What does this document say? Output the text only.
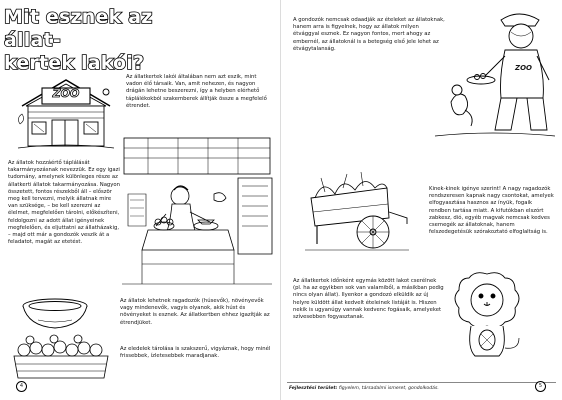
Mit esznek az állat-
kertek lakói?
ZOO
Az állatkertek lakói általában nem azt eszik, mint vadon élő társaik. Van, amit nehezen, és nagyon drágán lehetne beszerezni, így a helyben elérhető táplálékokból szakemberek állítják össze a megfelelő étrendet.
Az állatok hozzáértő táplálását takarmányozásnak nevezzük. Ez egy igazi tudomány, amelynek különleges része az állatkerti állatok takarmányozása. Nagyon összetett, fontos részekből áll – először meg kell tervezni, melyik állatnak mire van szüksége, – be kell szerezni az élelmet, megfelelően tárolni, előkészíteni, feldolgozni az adott állat igényeinek megfelelően, és eljuttatni az állatházakig, – majd ott már a gondozók veszik át a feladatot, magát az etetést.
Az állatok lehetnek ragadozók (húsevők), növényevők vagy mindenevők, vagyis olyanok, akik húst és növényeket is esznek. Az állatkertben ehhez igazítják az étrendjüket.
Az eledelek tárolása is szakszerű, vigyáznak, hogy minél frissebbek, ízletesebbek maradjanak.
4
A gondozók nemcsak odaadják az ételeket az állatoknak, hanem arra is figyelnek, hogy az állatok milyen étvággyal esznek. Ez nagyon fontos, mert ahogy az embernél, az állatoknál is a betegség első jele lehet az étvágytalanság.
ZOO
Kinek-kinek igénye szerint! A nagy ragadozók rendszeresen kapnak nagy csontokat, amelyek elfogyasztása hasznos az ínyük, fogaik rendben tartása miatt. A kifutókban elszórt zabkesz, dió, egyéb magvak nemcsak kedves csemegék az állatoknak, hanem felszedegetésük szórakoztató elfoglaltság is.
Az állatkertek időnként egymás között lakot cserélnek (pl. ha az egyikben sok van valamiből, a másikban pedig nincs olyan állat). Ilyenkor a gondozó elküldik az új helyre küldött állat kedvelt ételeinek listáját is. Hiszen nekik is ugyanúgy vannak kedvenc fogásaik, amelyeket szívesebben fogyasztanak.
Fejlesztési terület: figyelem, társadalmi ismeret, gondolkodás.	5
